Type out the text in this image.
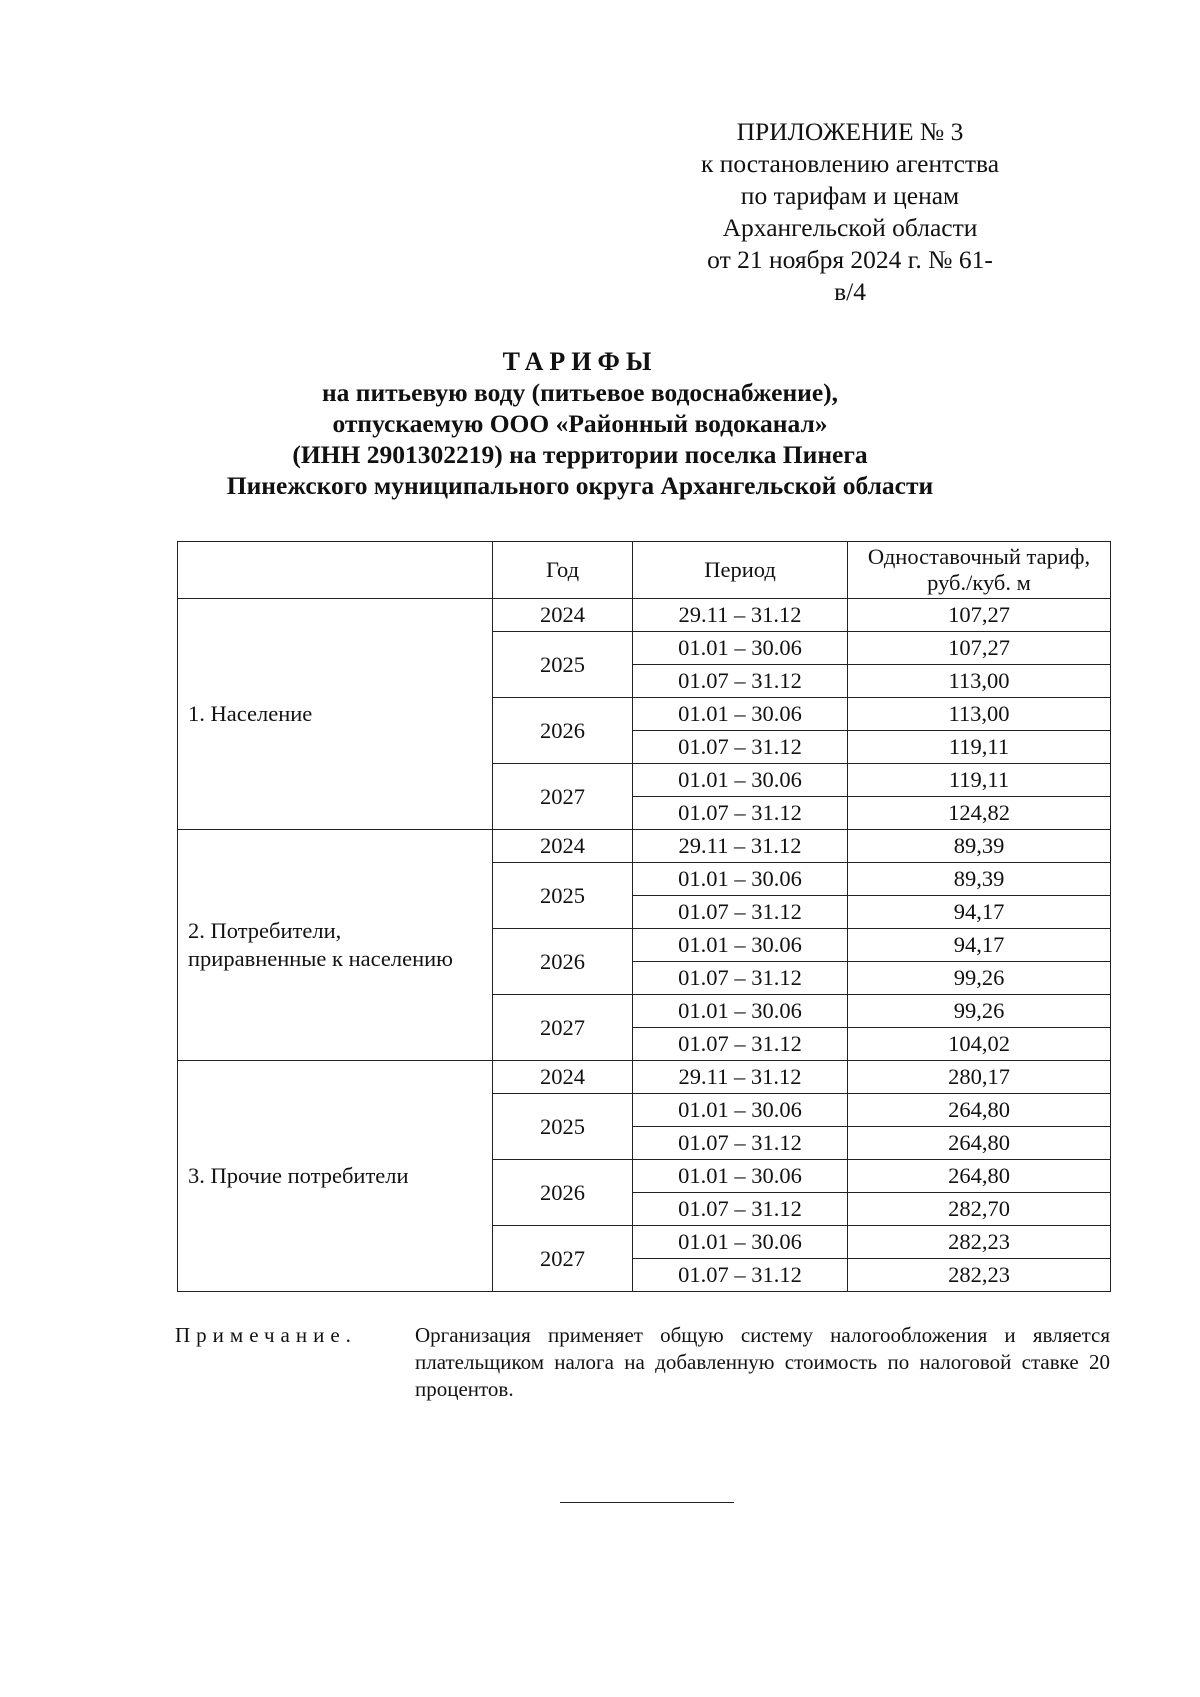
ПРИЛОЖЕНИЕ № 3
к постановлению агентства
по тарифам и ценам
Архангельской области
от 21 ноября 2024 г. № 61-в/4
ТАРИФЫ
на питьевую воду (питьевое водоснабжение),
отпускаемую ООО «Районный водоканал»
(ИНН 2901302219) на территории поселка Пинега
Пинежского муниципального округа Архангельской области
	Год	Период	Одноставочный тариф,
руб./куб. м

1. Население	2024	29.11 – 31.12	107,27
	2025	01.01 – 30.06	107,27
		01.07 – 31.12	113,00
	2026	01.01 – 30.06	113,00
		01.07 – 31.12	119,11
	2027	01.01 – 30.06	119,11
		01.07 – 31.12	124,82

2. Потребители,
приравненные к населению	2024	29.11 – 31.12	89,39
	2025	01.01 – 30.06	89,39
		01.07 – 31.12	94,17
	2026	01.01 – 30.06	94,17
		01.07 – 31.12	99,26
	2027	01.01 – 30.06	99,26
		01.07 – 31.12	104,02
3. Прочие потребители	2024	29.11 – 31.12	280,17
	2025	01.01 – 30.06	264,80
		01.07 – 31.12	264,80
	2026	01.01 – 30.06	264,80
		01.07 – 31.12	282,70
	2027	01.01 – 30.06	282,23
		01.07 – 31.12	282,23
Примечание.	Организация применяет общую систему налогообложения и является плательщиком налога на добавленную стоимость по налоговой ставке 20 процентов.
